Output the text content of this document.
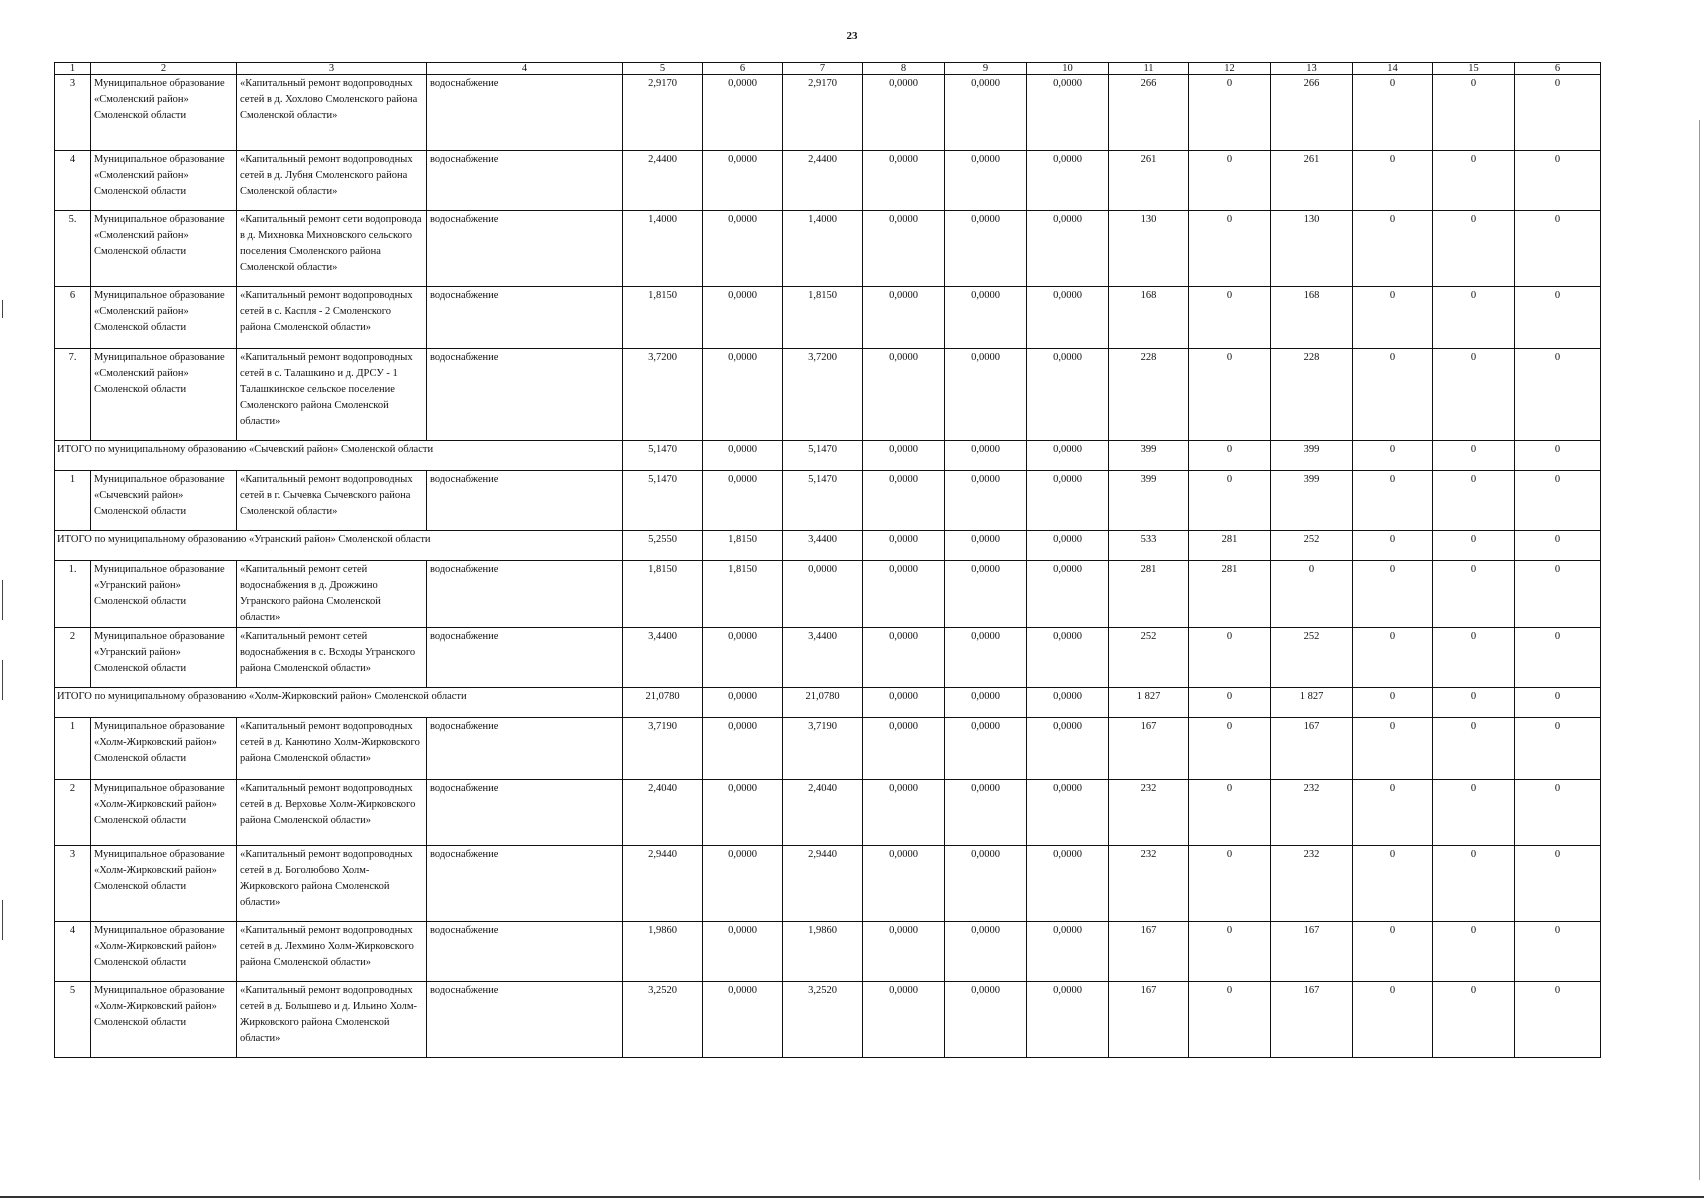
23
1	2	3	4	5	6	7	8	9	10	11	12	13	14	15	6
3	Муниципальное образование «Смоленский район» Смоленской области	«Капитальный ремонт водопроводных сетей в д. Хохлово Смоленского района Смоленской области»	водоснабжение	2,9170	0,0000	2,9170	0,0000	0,0000	0,0000	266	0	266	0	0	0
4	Муниципальное образование «Смоленский район» Смоленской области	«Капитальный ремонт водопроводных сетей в д. Лубня Смоленского района Смоленской области»	водоснабжение	2,4400	0,0000	2,4400	0,0000	0,0000	0,0000	261	0	261	0	0	0
5.	Муниципальное образование «Смоленский район» Смоленской области	«Капитальный ремонт сети водопровода в д. Михновка Михновского сельского поселения Смоленского района Смоленской области»	водоснабжение	1,4000	0,0000	1,4000	0,0000	0,0000	0,0000	130	0	130	0	0	0
6	Муниципальное образование «Смоленский район» Смоленской области	«Капитальный ремонт водопроводных сетей в с. Каспля - 2 Смоленского района Смоленской области»	водоснабжение	1,8150	0,0000	1,8150	0,0000	0,0000	0,0000	168	0	168	0	0	0
7.	Муниципальное образование «Смоленский район» Смоленской области	«Капитальный ремонт водопроводных сетей в с. Талашкино и д. ДРСУ - 1 Талашкинское сельское поселение Смоленского района Смоленской области»	водоснабжение	3,7200	0,0000	3,7200	0,0000	0,0000	0,0000	228	0	228	0	0	0
ИТОГО по муниципальному образованию «Сычевский район» Смоленской области				5,1470	0,0000	5,1470	0,0000	0,0000	0,0000	399	0	399	0	0	0
1	Муниципальное образование «Сычевский район» Смоленской области	«Капитальный ремонт водопроводных сетей в г. Сычевка Сычевского района Смоленской области»	водоснабжение	5,1470	0,0000	5,1470	0,0000	0,0000	0,0000	399	0	399	0	0	0
ИТОГО по муниципальному образованию «Угранский район» Смоленской области				5,2550	1,8150	3,4400	0,0000	0,0000	0,0000	533	281	252	0	0	0
1.	Муниципальное образование «Угранский район» Смоленской области	«Капитальный ремонт сетей водоснабжения в д. Дрожжино Угранского района Смоленской области»	водоснабжение	1,8150	1,8150	0,0000	0,0000	0,0000	0,0000	281	281	0	0	0	0
2	Муниципальное образование «Угранский район» Смоленской области	«Капитальный ремонт сетей водоснабжения в с. Всходы Угранского района Смоленской области»	водоснабжение	3,4400	0,0000	3,4400	0,0000	0,0000	0,0000	252	0	252	0	0	0
ИТОГО по муниципальному образованию «Холм-Жирковский район» Смоленской области				21,0780	0,0000	21,0780	0,0000	0,0000	0,0000	1 827	0	1 827	0	0	0
1	Муниципальное образование «Холм-Жирковский район» Смоленской области	«Капитальный ремонт водопроводных сетей в д. Канютино Холм-Жирковского района Смоленской области»	водоснабжение	3,7190	0,0000	3,7190	0,0000	0,0000	0,0000	167	0	167	0	0	0
2	Муниципальное образование «Холм-Жирковский район» Смоленской области	«Капитальный ремонт водопроводных сетей в д. Верховье Холм-Жирковского района Смоленской области»	водоснабжение	2,4040	0,0000	2,4040	0,0000	0,0000	0,0000	232	0	232	0	0	0
3	Муниципальное образование «Холм-Жирковский район» Смоленской области	«Капитальный ремонт водопроводных сетей в д. Боголюбово Холм-Жирковского района Смоленской области»	водоснабжение	2,9440	0,0000	2,9440	0,0000	0,0000	0,0000	232	0	232	0	0	0
4	Муниципальное образование «Холм-Жирковский район» Смоленской области	«Капитальный ремонт водопроводных сетей в д. Лехмино Холм-Жирковского района Смоленской области»	водоснабжение	1,9860	0,0000	1,9860	0,0000	0,0000	0,0000	167	0	167	0	0	0
5	Муниципальное образование «Холм-Жирковский район» Смоленской области	«Капитальный ремонт водопроводных сетей в д. Болышево и д. Ильино Холм-Жирковского района Смоленской области»	водоснабжение	3,2520	0,0000	3,2520	0,0000	0,0000	0,0000	167	0	167	0	0	0
